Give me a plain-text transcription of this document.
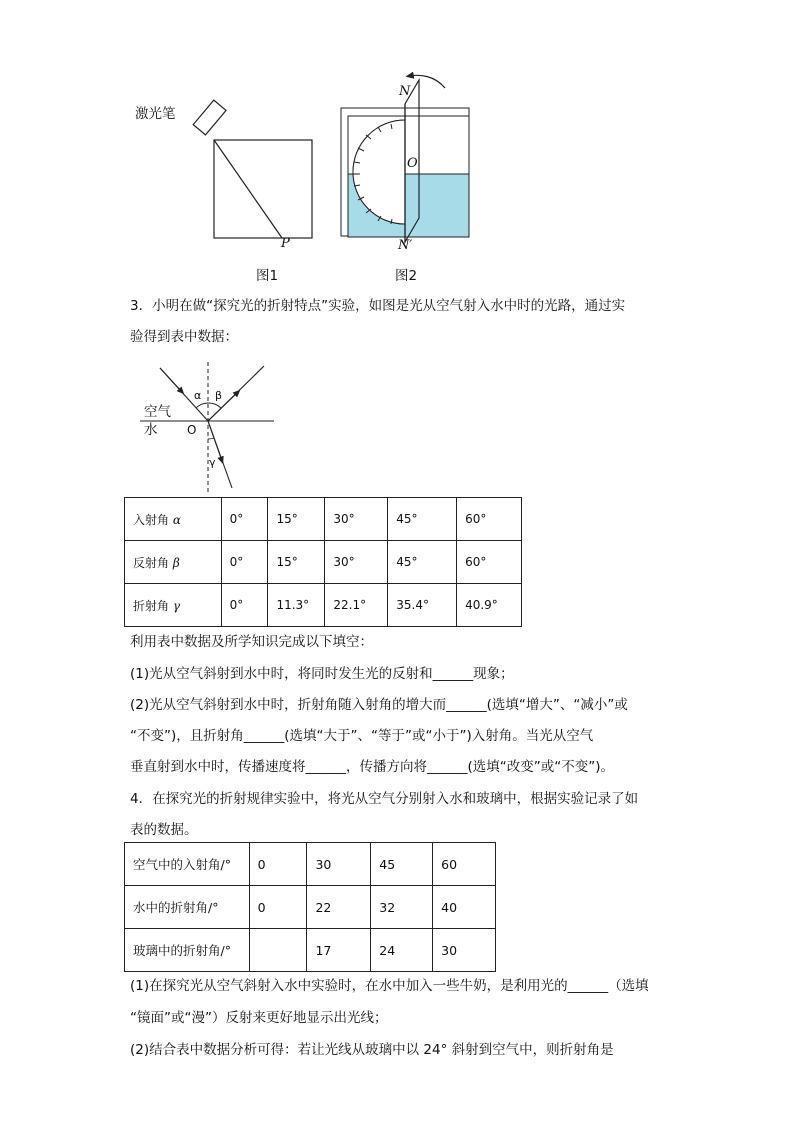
激光笔
P
图1
N
O
N′
图2
3．小明在做“探究光的折射特点”实验，如图是光从空气射入水中时的光路，通过实
验得到表中数据：
空气
水 O
α β
γ
入射角 α	0°	15°	30°	45°	60°
反射角 β	0°	15°	30°	45°	60°
折射角 γ	0°	11.3°	22.1°	35.4°	40.9°
利用表中数据及所学知识完成以下填空：
(1)光从空气斜射到水中时，将同时发生光的反射和______现象；
(2)光从空气斜射到水中时，折射角随入射角的增大而______(选填“增大”、“减小”或
“不变”)，且折射角______(选填“大于”、“等于”或“小于”)入射角。当光从空气
垂直射到水中时，传播速度将______，传播方向将______(选填“改变”或“不变”)。
4．在探究光的折射规律实验中，将光从空气分别射入水和玻璃中，根据实验记录了如
表的数据。
空气中的入射角/°	0	30	45	60
水中的折射角/°	0	22	32	40
玻璃中的折射角/°		17	24	30
(1)在探究光从空气斜射入水中实验时，在水中加入一些牛奶，是利用光的______（选填
“镜面”或“漫”）反射来更好地显示出光线；
(2)结合表中数据分析可得：若让光线从玻璃中以 24° 斜射到空气中，则折射角是
